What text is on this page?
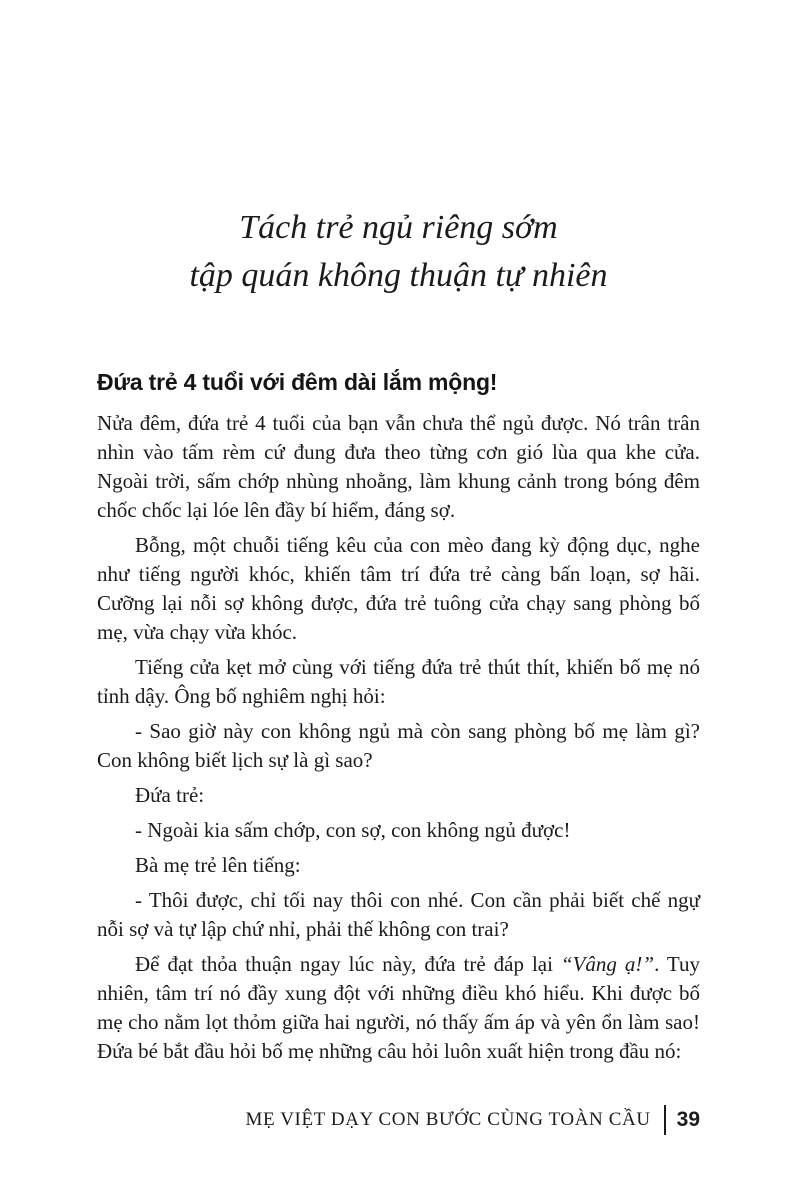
Tách trẻ ngủ riêng sớm
tập quán không thuận tự nhiên
Đứa trẻ 4 tuổi với đêm dài lắm mộng!

Nửa đêm, đứa trẻ 4 tuổi của bạn vẫn chưa thể ngủ được. Nó trân trân nhìn vào tấm rèm cứ đung đưa theo từng cơn gió lùa qua khe cửa. Ngoài trời, sấm chớp nhùng nhoằng, làm khung cảnh trong bóng đêm chốc chốc lại lóe lên đầy bí hiểm, đáng sợ.

Bỗng, một chuỗi tiếng kêu của con mèo đang kỳ động dục, nghe như tiếng người khóc, khiến tâm trí đứa trẻ càng bấn loạn, sợ hãi. Cưỡng lại nỗi sợ không được, đứa trẻ tuông cửa chạy sang phòng bố mẹ, vừa chạy vừa khóc.

Tiếng cửa kẹt mở cùng với tiếng đứa trẻ thút thít, khiến bố mẹ nó tỉnh dậy. Ông bố nghiêm nghị hỏi:

- Sao giờ này con không ngủ mà còn sang phòng bố mẹ làm gì? Con không biết lịch sự là gì sao?

Đứa trẻ:

- Ngoài kia sấm chớp, con sợ, con không ngủ được!

Bà mẹ trẻ lên tiếng:

- Thôi được, chỉ tối nay thôi con nhé. Con cần phải biết chế ngự nỗi sợ và tự lập chứ nhỉ, phải thế không con trai?

Để đạt thỏa thuận ngay lúc này, đứa trẻ đáp lại “Vâng ạ!”. Tuy nhiên, tâm trí nó đầy xung đột với những điều khó hiểu. Khi được bố mẹ cho nằm lọt thỏm giữa hai người, nó thấy ấm áp và yên ổn làm sao! Đứa bé bắt đầu hỏi bố mẹ những câu hỏi luôn xuất hiện trong đầu nó:

MẸ VIỆT DẠY CON BƯỚC CÙNG TOÀN CẦU 39
